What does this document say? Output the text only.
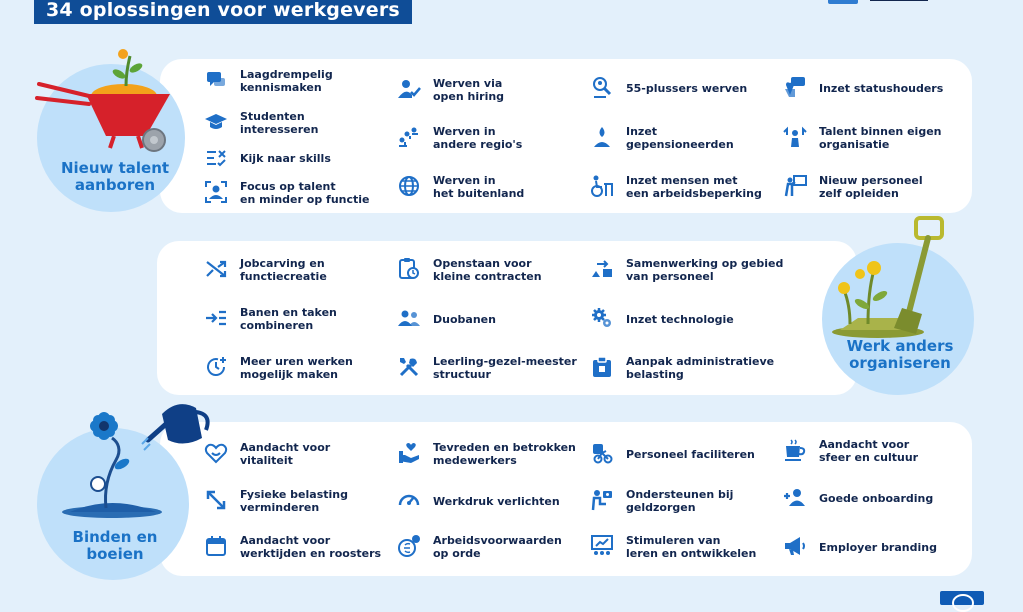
34 oplossingen voor werkgevers
Nieuw talent
aanboren
Werk anders
organiseren
Binden en
boeien
Laagdrempelig
kennismaken
Studenten
interesseren
Kijk naar skills
Focus op talent
en minder op functie
Werven via
open hiring
Werven in
andere regio's
Werven in
het buitenland
55-plussers werven
Inzet
gepensioneerden
Inzet mensen met
een arbeidsbeperking
Inzet statushouders
Talent binnen eigen
organisatie
Nieuw personeel
zelf opleiden
Jobcarving en
functiecreatie
Banen en taken
combineren
Meer uren werken
mogelijk maken
Openstaan voor
kleine contracten
Duobanen
Leerling-gezel-meester
structuur
Samenwerking op gebied
van personeel
Inzet technologie
Aanpak administratieve
belasting
Aandacht voor
vitaliteit
Fysieke belasting
verminderen
Aandacht voor
werktijden en roosters
Tevreden en betrokken
medewerkers
Werkdruk verlichten
Arbeidsvoorwaarden
op orde
Personeel faciliteren
Ondersteunen bij
geldzorgen
Stimuleren van
leren en ontwikkelen
Aandacht voor
sfeer en cultuur
Goede onboarding
Employer branding
